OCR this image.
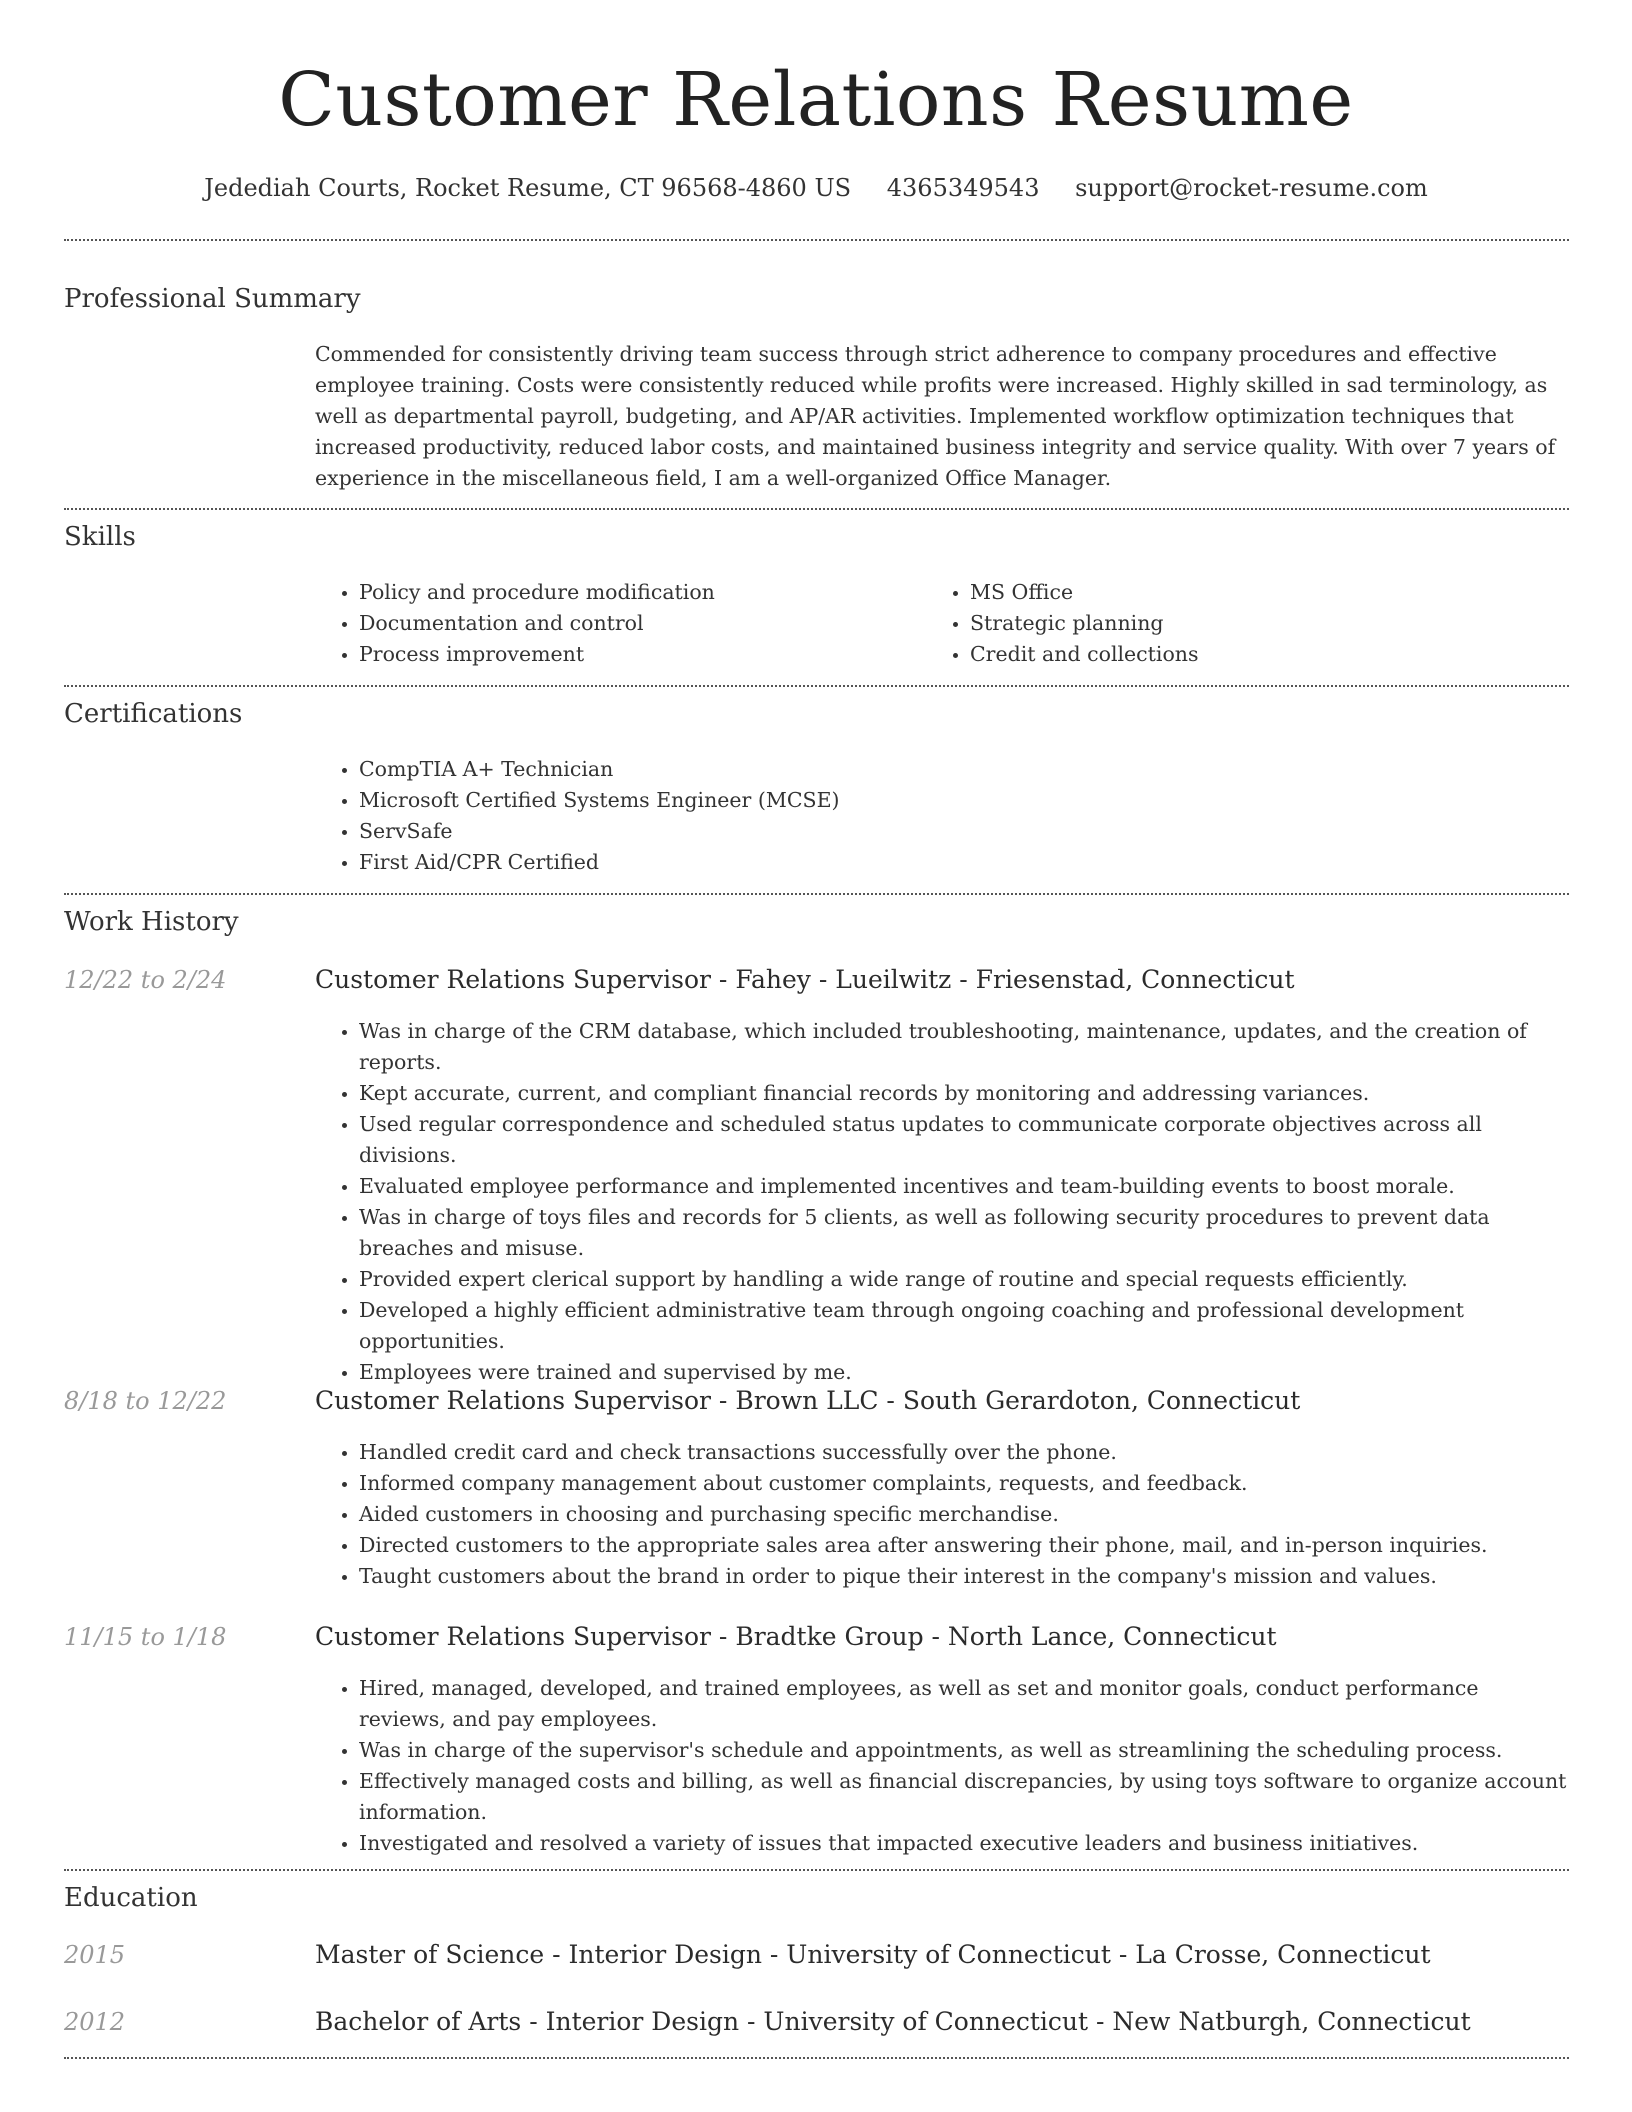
Customer Relations Resume
Jedediah Courts, Rocket Resume, CT 96568-4860 US 4365349543 support@rocket-resume.com
Professional Summary

Commended for consistently driving team success through strict adherence to company procedures and effective employee training. Costs were consistently reduced while profits were increased. Highly skilled in sad terminology, as well as departmental payroll, budgeting, and AP/AR activities. Implemented workflow optimization techniques that increased productivity, reduced labor costs, and maintained business integrity and service quality. With over 7 years of experience in the miscellaneous field, I am a well-organized Office Manager.

Skills
• Policy and procedure modification
• Documentation and control
• Process improvement
• MS Office
• Strategic planning
• Credit and collections
Certifications
• CompTIA A+ Technician
• Microsoft Certified Systems Engineer (MCSE)
• ServSafe
• First Aid/CPR Certified
Work History
12/22 to 2/24	Customer Relations Supervisor - Fahey - Lueilwitz - Friesenstad, Connecticut
• Was in charge of the CRM database, which included troubleshooting, maintenance, updates, and the creation of reports.
• Kept accurate, current, and compliant financial records by monitoring and addressing variances.
• Used regular correspondence and scheduled status updates to communicate corporate objectives across all divisions.
• Evaluated employee performance and implemented incentives and team-building events to boost morale.
• Was in charge of toys files and records for 5 clients, as well as following security procedures to prevent data breaches and misuse.
• Provided expert clerical support by handling a wide range of routine and special requests efficiently.
• Developed a highly efficient administrative team through ongoing coaching and professional development opportunities.
• Employees were trained and supervised by me.
8/18 to 12/22	Customer Relations Supervisor - Brown LLC - South Gerardoton, Connecticut
• Handled credit card and check transactions successfully over the phone.
• Informed company management about customer complaints, requests, and feedback.
• Aided customers in choosing and purchasing specific merchandise.
• Directed customers to the appropriate sales area after answering their phone, mail, and in-person inquiries.
• Taught customers about the brand in order to pique their interest in the company's mission and values.
11/15 to 1/18	Customer Relations Supervisor - Bradtke Group - North Lance, Connecticut
• Hired, managed, developed, and trained employees, as well as set and monitor goals, conduct performance reviews, and pay employees.
• Was in charge of the supervisor's schedule and appointments, as well as streamlining the scheduling process.
• Effectively managed costs and billing, as well as financial discrepancies, by using toys software to organize account information.
• Investigated and resolved a variety of issues that impacted executive leaders and business initiatives.
Education
2015	Master of Science - Interior Design - University of Connecticut - La Crosse, Connecticut
2012	Bachelor of Arts - Interior Design - University of Connecticut - New Natburgh, Connecticut
